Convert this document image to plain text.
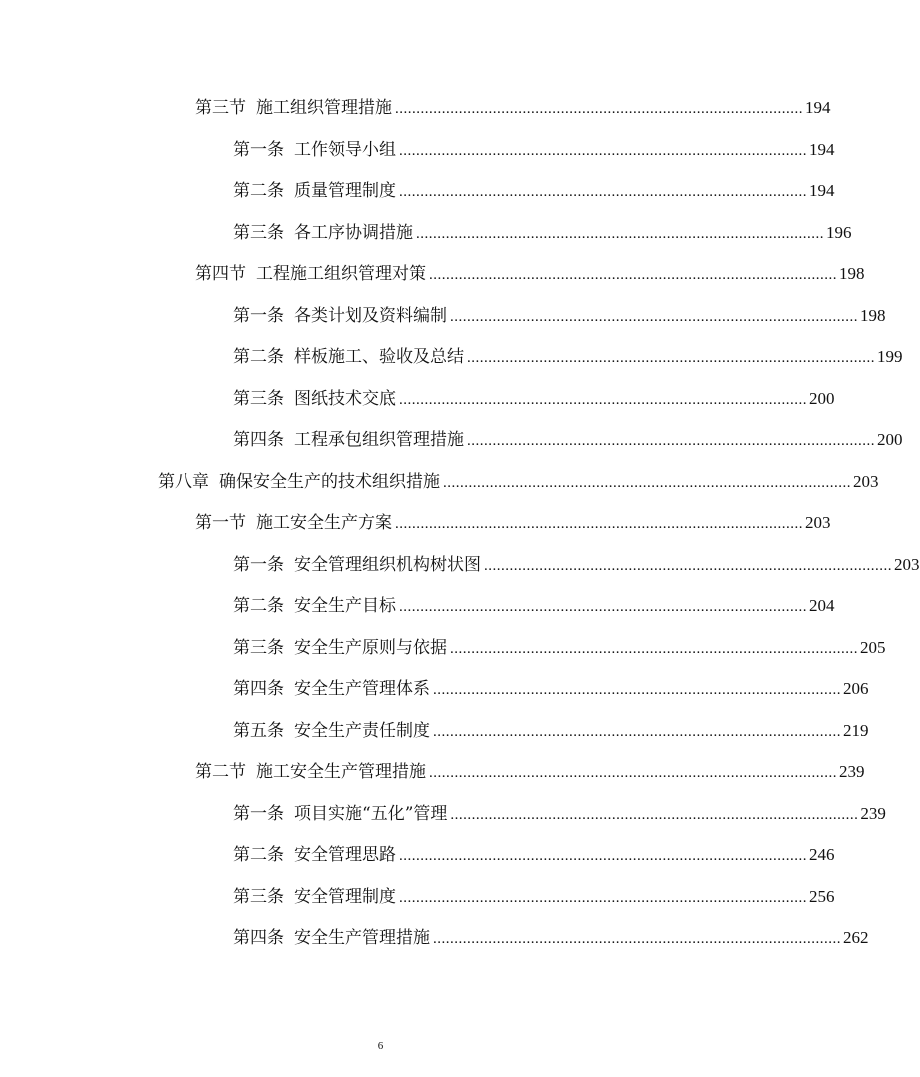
第三节 施工组织管理措施 ................................................................................................ 194
第一条 工作领导小组 ................................................................................................ 194
第二条 质量管理制度 ................................................................................................ 194
第三条 各工序协调措施 ................................................................................................ 196
第四节 工程施工组织管理对策 ................................................................................................ 198
第一条 各类计划及资料编制 ................................................................................................ 198
第二条 样板施工、验收及总结 ................................................................................................ 199
第三条 图纸技术交底 ................................................................................................ 200
第四条 工程承包组织管理措施 ................................................................................................ 200
第八章 确保安全生产的技术组织措施 ................................................................................................ 203
第一节 施工安全生产方案 ................................................................................................ 203
第一条 安全管理组织机构树状图 ................................................................................................ 203
第二条 安全生产目标 ................................................................................................ 204
第三条 安全生产原则与依据 ................................................................................................ 205
第四条 安全生产管理体系 ................................................................................................ 206
第五条 安全生产责任制度 ................................................................................................ 219
第二节 施工安全生产管理措施 ................................................................................................ 239
第一条 项目实施“五化”管理 ................................................................................................ 239
第二条 安全管理思路 ................................................................................................ 246
第三条 安全管理制度 ................................................................................................ 256
第四条 安全生产管理措施 ................................................................................................ 262
6
